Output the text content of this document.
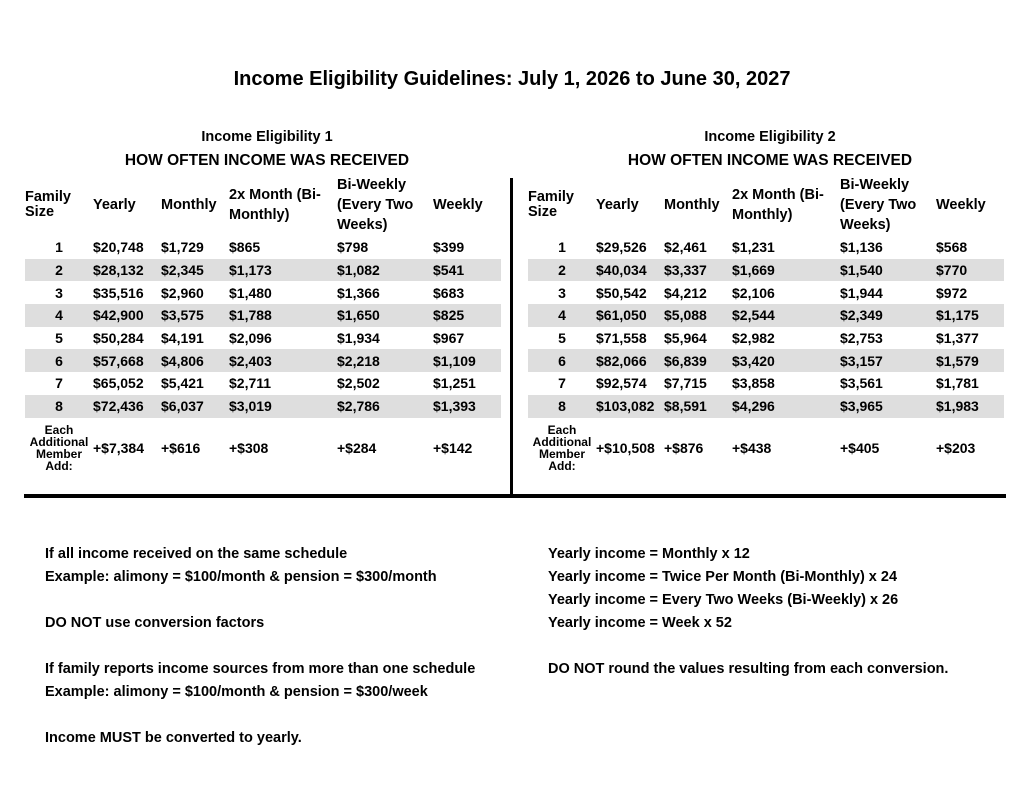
Income Eligibility Guidelines: July 1, 2026 to June 30, 2027
Income Eligibility 1
HOW OFTEN INCOME WAS RECEIVED
Family Size	Yearly	Monthly	2x Month (Bi-Monthly)	Bi-Weekly (Every Two Weeks)	Weekly
1	$20,748	$1,729	$865	$798	$399
2	$28,132	$2,345	$1,173	$1,082	$541
3	$35,516	$2,960	$1,480	$1,366	$683
4	$42,900	$3,575	$1,788	$1,650	$825
5	$50,284	$4,191	$2,096	$1,934	$967
6	$57,668	$4,806	$2,403	$2,218	$1,109
7	$65,052	$5,421	$2,711	$2,502	$1,251
8	$72,436	$6,037	$3,019	$2,786	$1,393
Each Additional Member Add:	+$7,384	+$616	+$308	+$284	+$142
Income Eligibility 2
HOW OFTEN INCOME WAS RECEIVED
Family Size	Yearly	Monthly	2x Month (Bi-Monthly)	Bi-Weekly (Every Two Weeks)	Weekly
1	$29,526	$2,461	$1,231	$1,136	$568
2	$40,034	$3,337	$1,669	$1,540	$770
3	$50,542	$4,212	$2,106	$1,944	$972
4	$61,050	$5,088	$2,544	$2,349	$1,175
5	$71,558	$5,964	$2,982	$2,753	$1,377
6	$82,066	$6,839	$3,420	$3,157	$1,579
7	$92,574	$7,715	$3,858	$3,561	$1,781
8	$103,082	$8,591	$4,296	$3,965	$1,983
Each Additional Member Add:	+$10,508	+$876	+$438	+$405	+$203
If all income received on the same schedule
Example: alimony = $100/month & pension = $300/month
DO NOT use conversion factors
If family reports income sources from more than one schedule
Example: alimony = $100/month & pension = $300/week
Income MUST be converted to yearly.
Yearly income = Monthly x 12
Yearly income = Twice Per Month (Bi-Monthly) x 24
Yearly income = Every Two Weeks (Bi-Weekly) x 26
Yearly income = Week x 52
DO NOT round the values resulting from each conversion.
